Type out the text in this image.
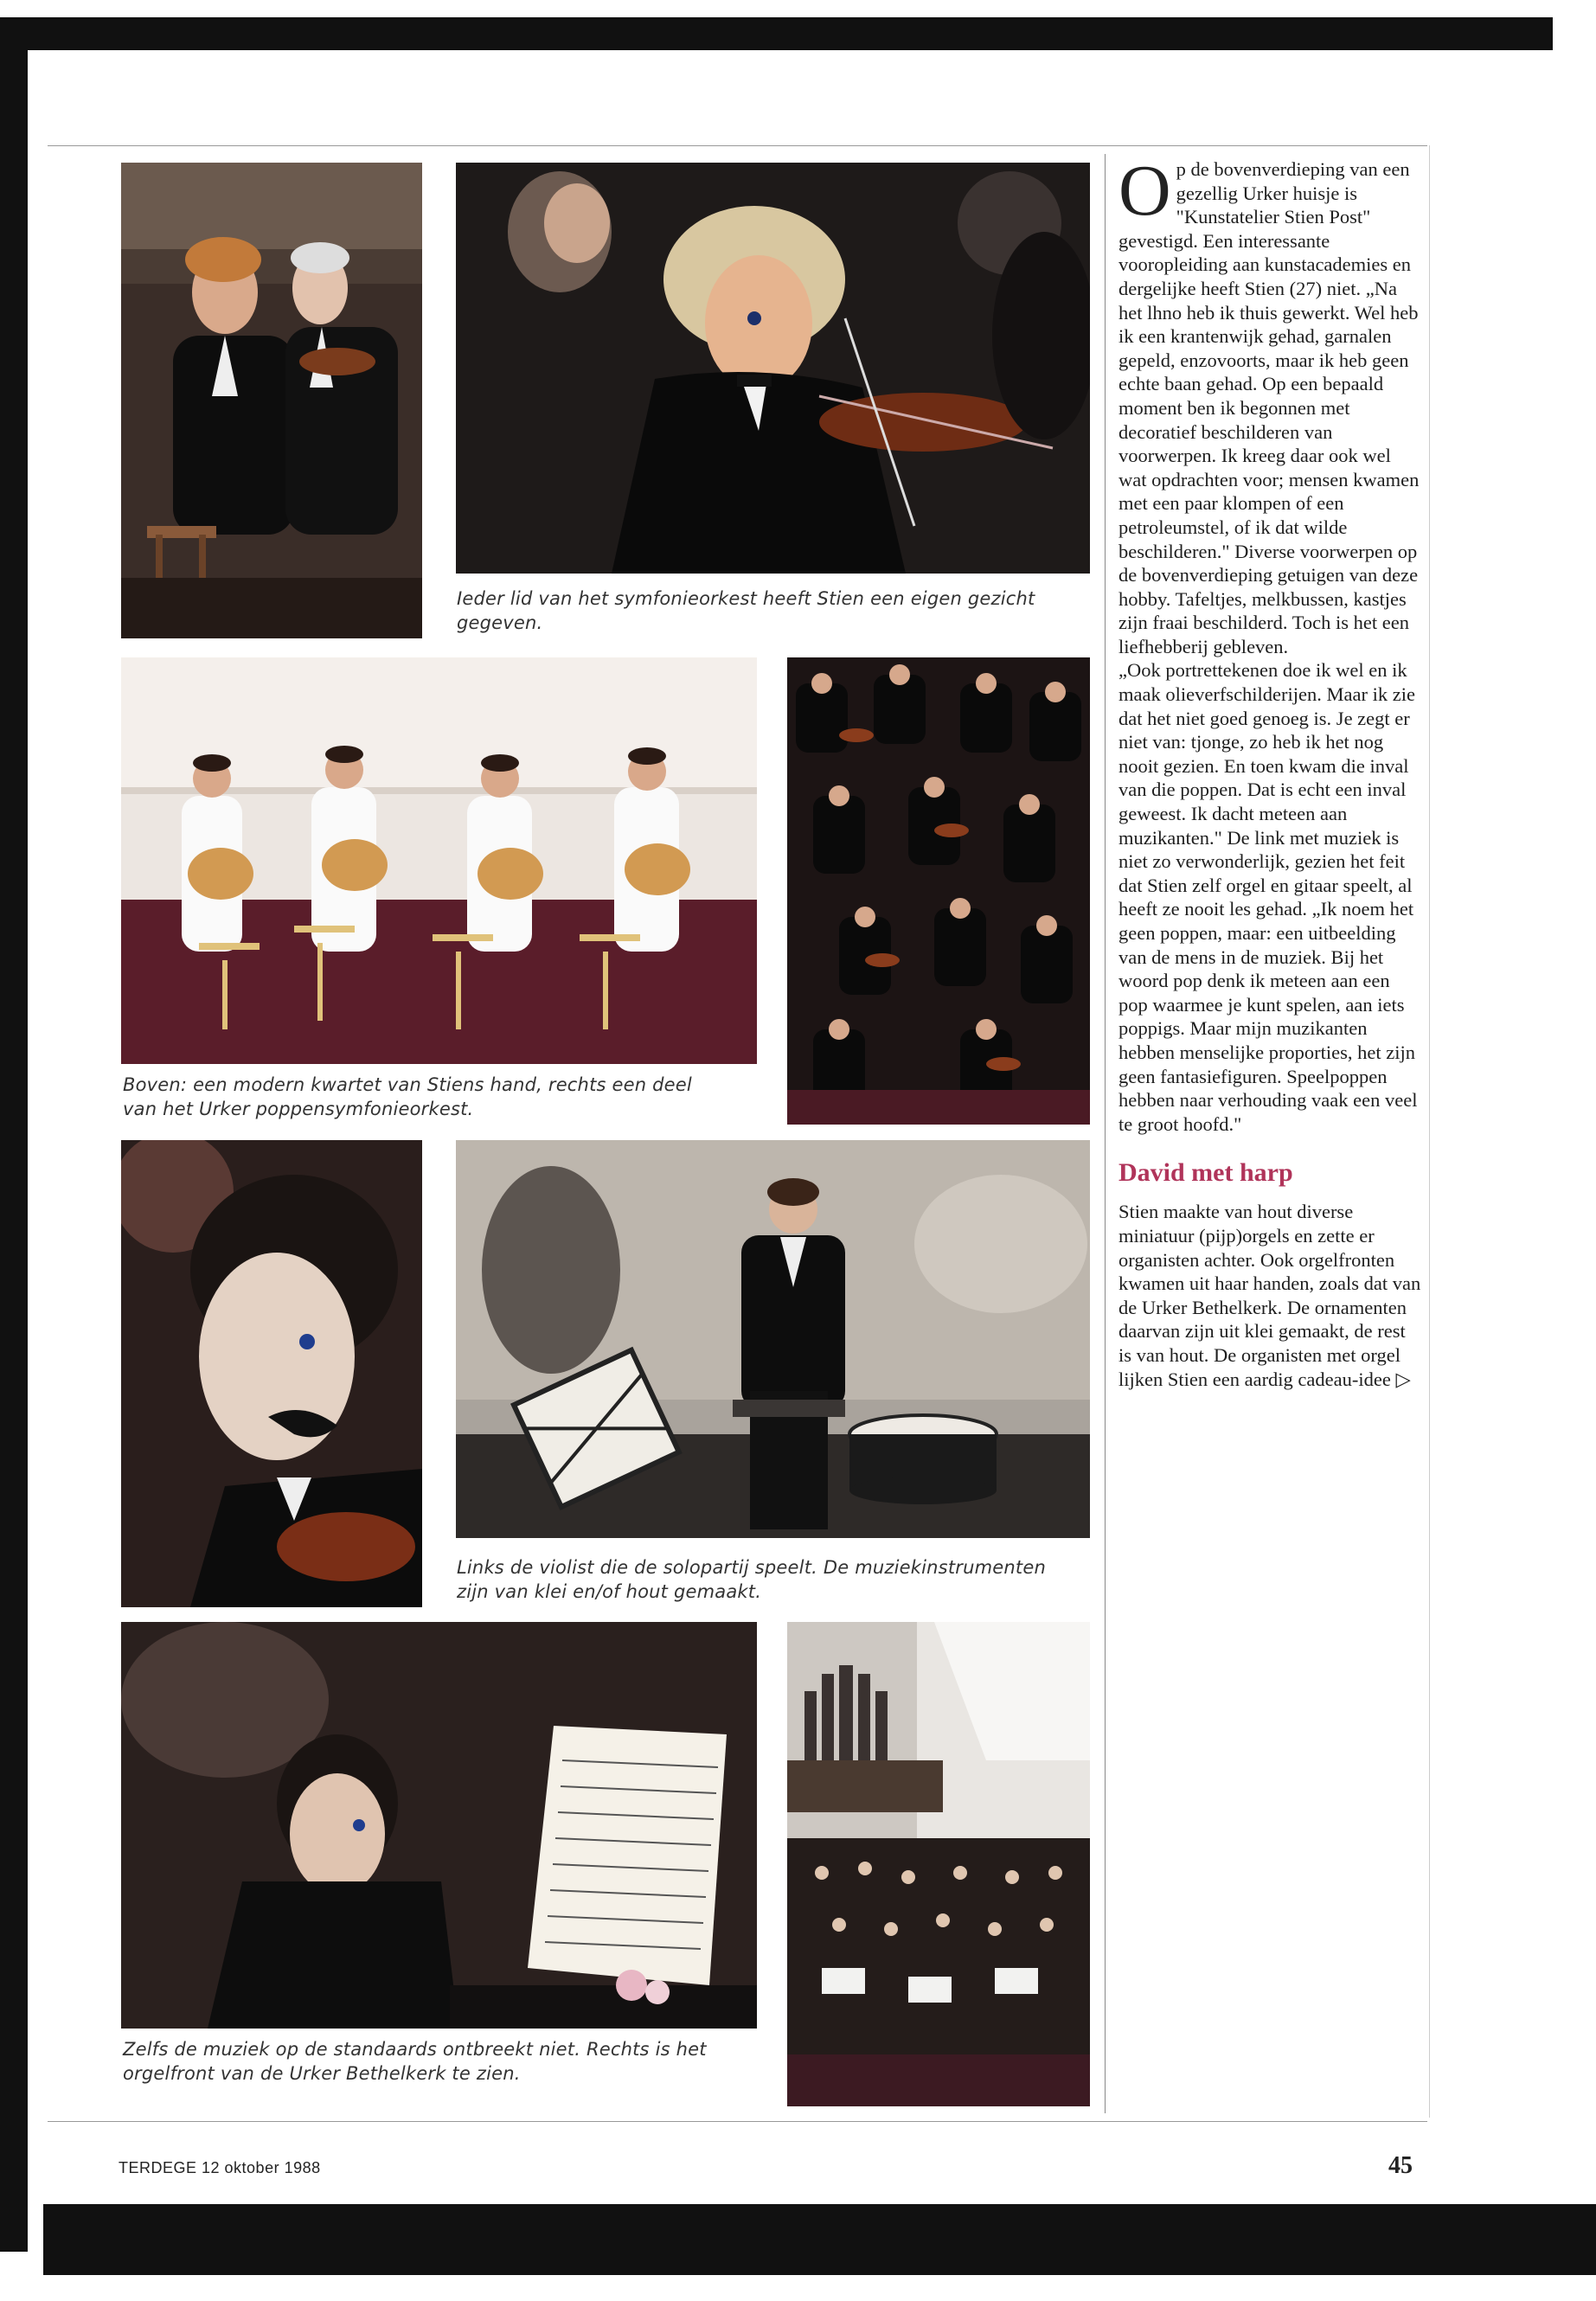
Ieder lid van het symfonieorkest heeft Stien een eigen gezicht gegeven.
Boven: een modern kwartet van Stiens hand, rechts een deel van het Urker poppensymfonieorkest.
Links de violist die de solopartij speelt. De muziekinstrumenten zijn van klei en/of hout gemaakt.
Zelfs de muziek op de standaards ontbreekt niet. Rechts is het orgelfront van de Urker Bethelkerk te zien.

Op de bovenverdieping van een gezellig Urker huisje is "Kunstatelier Stien Post" gevestigd. Een interessante vooropleiding aan kunstacademies en dergelijke heeft Stien (27) niet. „Na het lhno heb ik thuis gewerkt. Wel heb ik een krantenwijk gehad, garnalen gepeld, enzovoorts, maar ik heb geen echte baan gehad. Op een bepaald moment ben ik begonnen met decoratief beschilderen van voorwerpen. Ik kreeg daar ook wel wat opdrachten voor; mensen kwamen met een paar klompen of een petroleumstel, of ik dat wilde beschilderen." Diverse voorwerpen op de bovenverdieping getuigen van deze hobby. Tafeltjes, melkbussen, kastjes zijn fraai beschilderd. Toch is het een liefhebberij gebleven.

„Ook portrettekenen doe ik wel en ik maak olieverfschilderijen. Maar ik zie dat het niet goed genoeg is. Je zegt er niet van: tjonge, zo heb ik het nog nooit gezien. En toen kwam die inval van die poppen. Dat is echt een inval geweest. Ik dacht meteen aan muzikanten." De link met muziek is niet zo verwonderlijk, gezien het feit dat Stien zelf orgel en gitaar speelt, al heeft ze nooit les gehad. „Ik noem het geen poppen, maar: een uitbeelding van de mens in de muziek. Bij het woord pop denk ik meteen aan een pop waarmee je kunt spelen, aan iets poppigs. Maar mijn muzikanten hebben menselijke proporties, het zijn geen fantasiefiguren. Speelpoppen hebben naar verhouding vaak een veel te groot hoofd."

David met harp

Stien maakte van hout diverse miniatuur (pijp)orgels en zette er organisten achter. Ook orgelfronten kwamen uit haar handen, zoals dat van de Urker Bethelkerk. De ornamenten daarvan zijn uit klei gemaakt, de rest is van hout. De organisten met orgel lijken Stien een aardig cadeau-idee ▷

TERDEGE 12 oktober 1988	45
